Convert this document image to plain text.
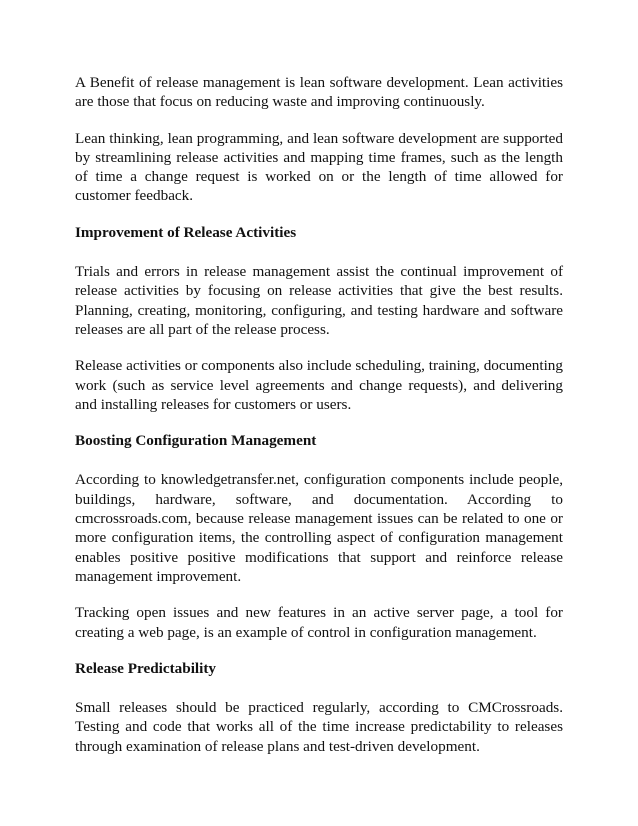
A Benefit of release management is lean software development. Lean activities are those that focus on reducing waste and improving continuously.

Lean thinking, lean programming, and lean software development are supported by streamlining release activities and mapping time frames, such as the length of time a change request is worked on or the length of time allowed for customer feedback.

Improvement of Release Activities

Trials and errors in release management assist the continual improvement of release activities by focusing on release activities that give the best results. Planning, creating, monitoring, configuring, and testing hardware and software releases are all part of the release process.

Release activities or components also include scheduling, training, documenting work (such as service level agreements and change requests), and delivering and installing releases for customers or users.

Boosting Configuration Management

According to knowledgetransfer.net, configuration components include people, buildings, hardware, software, and documentation. According to cmcrossroads.com, because release management issues can be related to one or more configuration items, the controlling aspect of configuration management enables positive positive modifications that support and reinforce release management improvement.

Tracking open issues and new features in an active server page, a tool for creating a web page, is an example of control in configuration management.

Release Predictability

Small releases should be practiced regularly, according to CMCrossroads. Testing and code that works all of the time increase predictability to releases through examination of release plans and test-driven development.
